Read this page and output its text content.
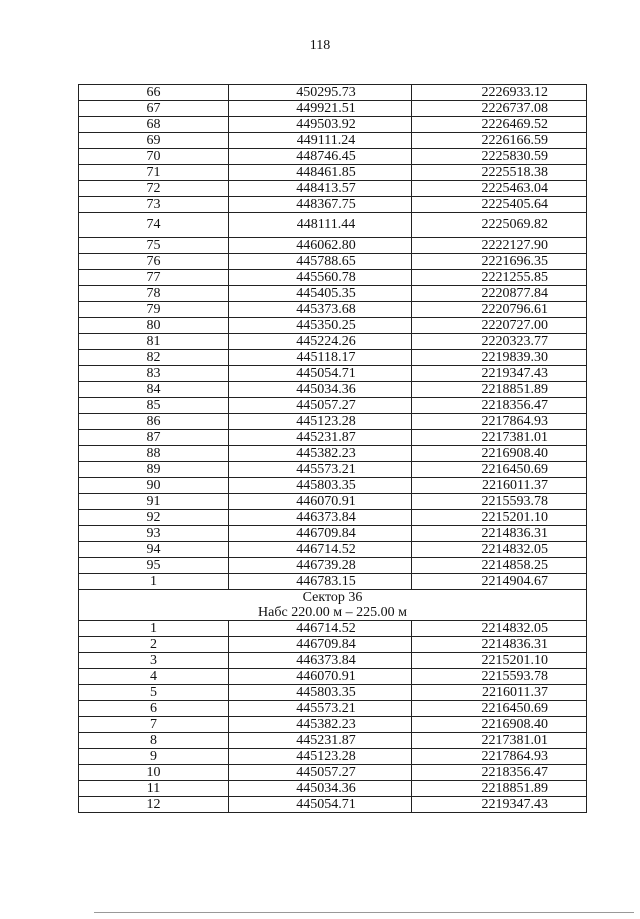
118
66	450295.73	2226933.12
67	449921.51	2226737.08
68	449503.92	2226469.52
69	449111.24	2226166.59
70	448746.45	2225830.59
71	448461.85	2225518.38
72	448413.57	2225463.04
73	448367.75	2225405.64
74	448111.44	2225069.82
75	446062.80	2222127.90
76	445788.65	2221696.35
77	445560.78	2221255.85
78	445405.35	2220877.84
79	445373.68	2220796.61
80	445350.25	2220727.00
81	445224.26	2220323.77
82	445118.17	2219839.30
83	445054.71	2219347.43
84	445034.36	2218851.89
85	445057.27	2218356.47
86	445123.28	2217864.93
87	445231.87	2217381.01
88	445382.23	2216908.40
89	445573.21	2216450.69
90	445803.35	2216011.37
91	446070.91	2215593.78
92	446373.84	2215201.10
93	446709.84	2214836.31
94	446714.52	2214832.05
95	446739.28	2214858.25
1	446783.15	2214904.67

Сектор 36
Набс 220.00 м – 225.00 м		

1	446714.52	2214832.05
2	446709.84	2214836.31
3	446373.84	2215201.10
4	446070.91	2215593.78
5	445803.35	2216011.37
6	445573.21	2216450.69
7	445382.23	2216908.40
8	445231.87	2217381.01
9	445123.28	2217864.93
10	445057.27	2218356.47
11	445034.36	2218851.89
12	445054.71	2219347.43
